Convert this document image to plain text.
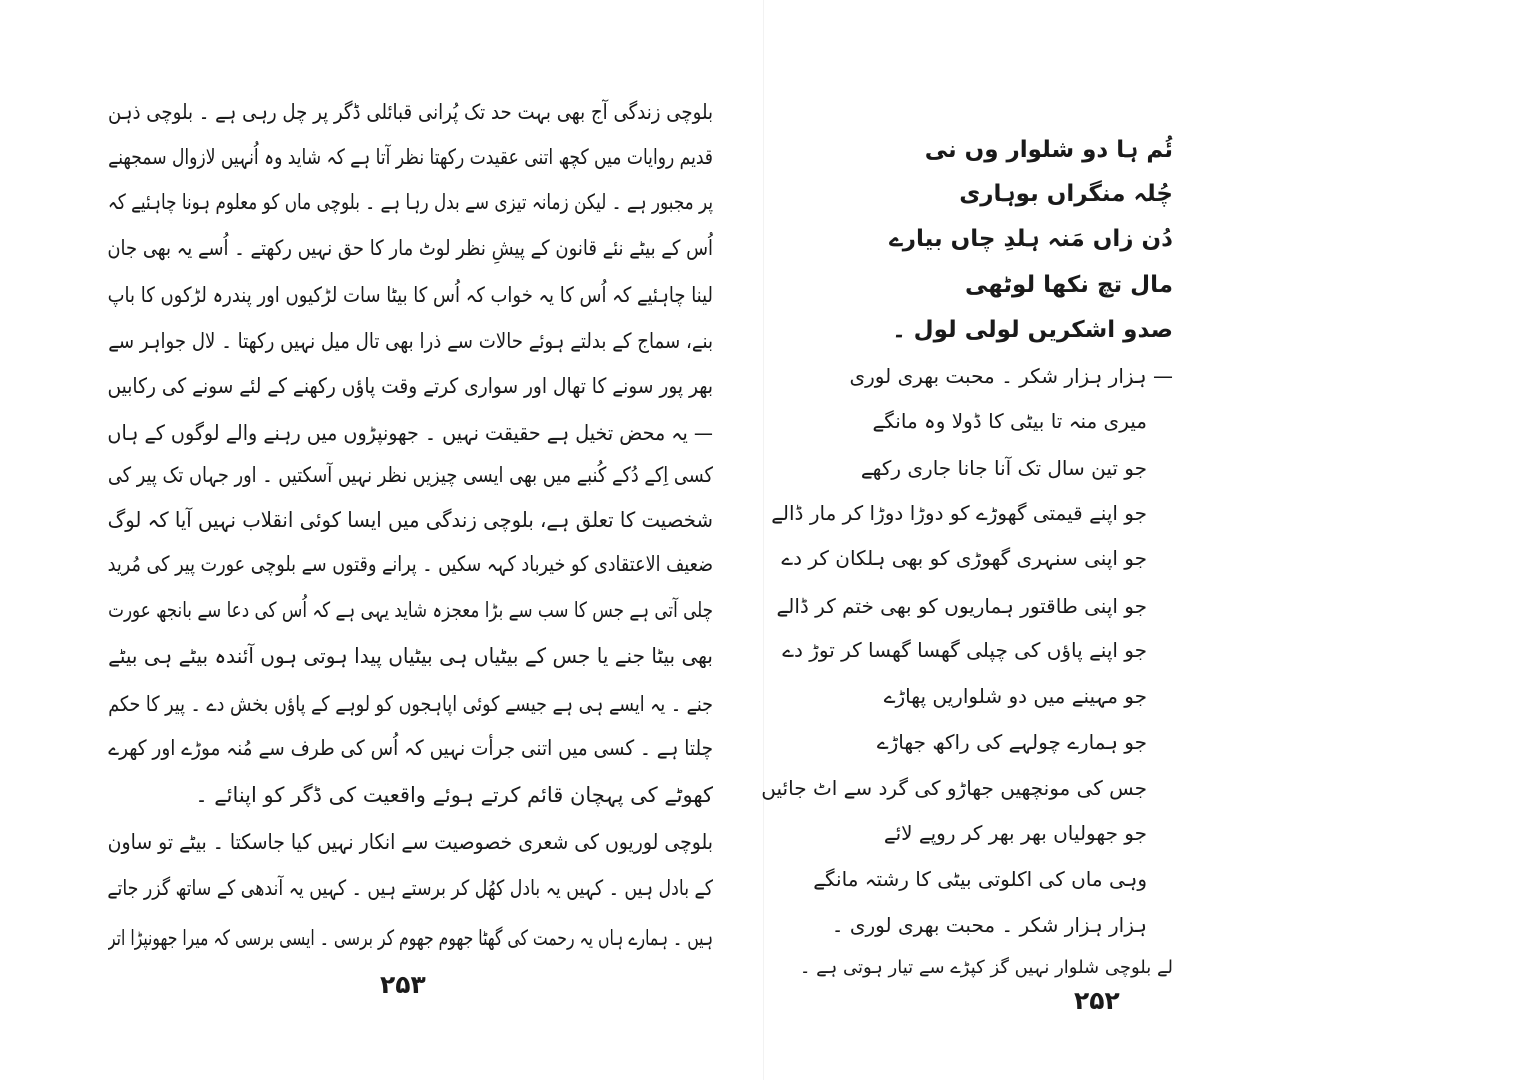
بلوچی زندگی آج بھی بہت حد تک پُرانی قبائلی ڈگر پر چل رہی ہے ۔ بلوچی ذہن
قدیم روایات میں کچھ اتنی عقیدت رکھتا نظر آتا ہے کہ شاید وہ اُنہیں لازوال سمجھنے
پر مجبور ہے ۔ لیکن زمانہ تیزی سے بدل رہا ہے ۔ بلوچی ماں کو معلوم ہونا چاہئیے کہ
اُس کے بیٹے نئے قانون کے پیشِ نظر لوٹ مار کا حق نہیں رکھتے ۔ اُسے یہ بھی جان
لینا چاہئیے کہ اُس کا یہ خواب کہ اُس کا بیٹا سات لڑکیوں اور پندرہ لڑکوں کا باپ
بنے، سماج کے بدلتے ہوئے حالات سے ذرا بھی تال میل نہیں رکھتا ۔ لال جواہر سے
بھر پور سونے کا تھال اور سواری کرتے وقت پاؤں رکھنے کے لئے سونے کی رکابیں
— یہ محض تخیل ہے حقیقت نہیں ۔ جھونپڑوں میں رہنے والے لوگوں کے ہاں
کسی اِکے دُکے کُنبے میں بھی ایسی چیزیں نظر نہیں آسکتیں ۔ اور جہاں تک پیر کی
شخصیت کا تعلق ہے، بلوچی زندگی میں ایسا کوئی انقلاب نہیں آیا کہ لوگ
ضعیف الاعتقادی کو خیرباد کہہ سکیں ۔ پرانے وقتوں سے بلوچی عورت پیر کی مُرید
چلی آتی ہے جس کا سب سے بڑا معجزہ شاید یہی ہے کہ اُس کی دعا سے بانجھ عورت
بھی بیٹا جنے یا جس کے بیٹیاں ہی بیٹیاں پیدا ہوتی ہوں آئندہ بیٹے ہی بیٹے
جنے ۔ یہ ایسے ہی ہے جیسے کوئی اپاہجوں کو لوہے کے پاؤں بخش دے ۔ پیر کا حکم
چلتا ہے ۔ کسی میں اتنی جرأت نہیں کہ اُس کی طرف سے مُنہ موڑے اور کھرے
کھوٹے کی پہچان قائم کرتے ہوئے واقعیت کی ڈگر کو اپنائے ۔
بلوچی لوریوں کی شعری خصوصیت سے انکار نہیں کیا جاسکتا ۔ بیٹے تو ساون
کے بادل ہیں ۔ کہیں یہ بادل کھُل کر برستے ہیں ۔ کہیں یہ آندھی کے ساتھ گزر جاتے
ہیں ۔ ہمارے ہاں یہ رحمت کی گھٹا جھوم جھوم کر برسی ۔ ایسی برسی کہ میرا جھونپڑا اتر
۲۵۳
ئُم ہا دو شلوار وں نی
چُلہ منگراں بوہاری
دُن زاں مَنہ ہلدِ چاں بیارے
مال تچ نکھا لوٹھی
صدو اشکریں لولی لول ۔
— ہزار ہزار شکر ۔ محبت بھری لوری
میری منہ تا بیٹی کا ڈولا وہ مانگے
جو تین سال تک آنا جانا جاری رکھے
جو اپنے قیمتی گھوڑے کو دوڑا دوڑا کر مار ڈالے
جو اپنی سنہری گھوڑی کو بھی ہلکان کر دے
جو اپنی طاقتور ہماریوں کو بھی ختم کر ڈالے
جو اپنے پاؤں کی چپلی گھسا گھسا کر توڑ دے
جو مہینے میں دو شلواریں پھاڑے
جو ہمارے چولہے کی راکھ جھاڑے
جس کی مونچھیں جھاڑو کی گرد سے اٹ جائیں
جو جھولیاں بھر بھر کر روپے لائے
وہی ماں کی اکلوتی بیٹی کا رشتہ مانگے
ہزار ہزار شکر ۔ محبت بھری لوری ۔
لے بلوچی شلوار نہیں گز کپڑے سے تیار ہوتی ہے ۔
۲۵۲
